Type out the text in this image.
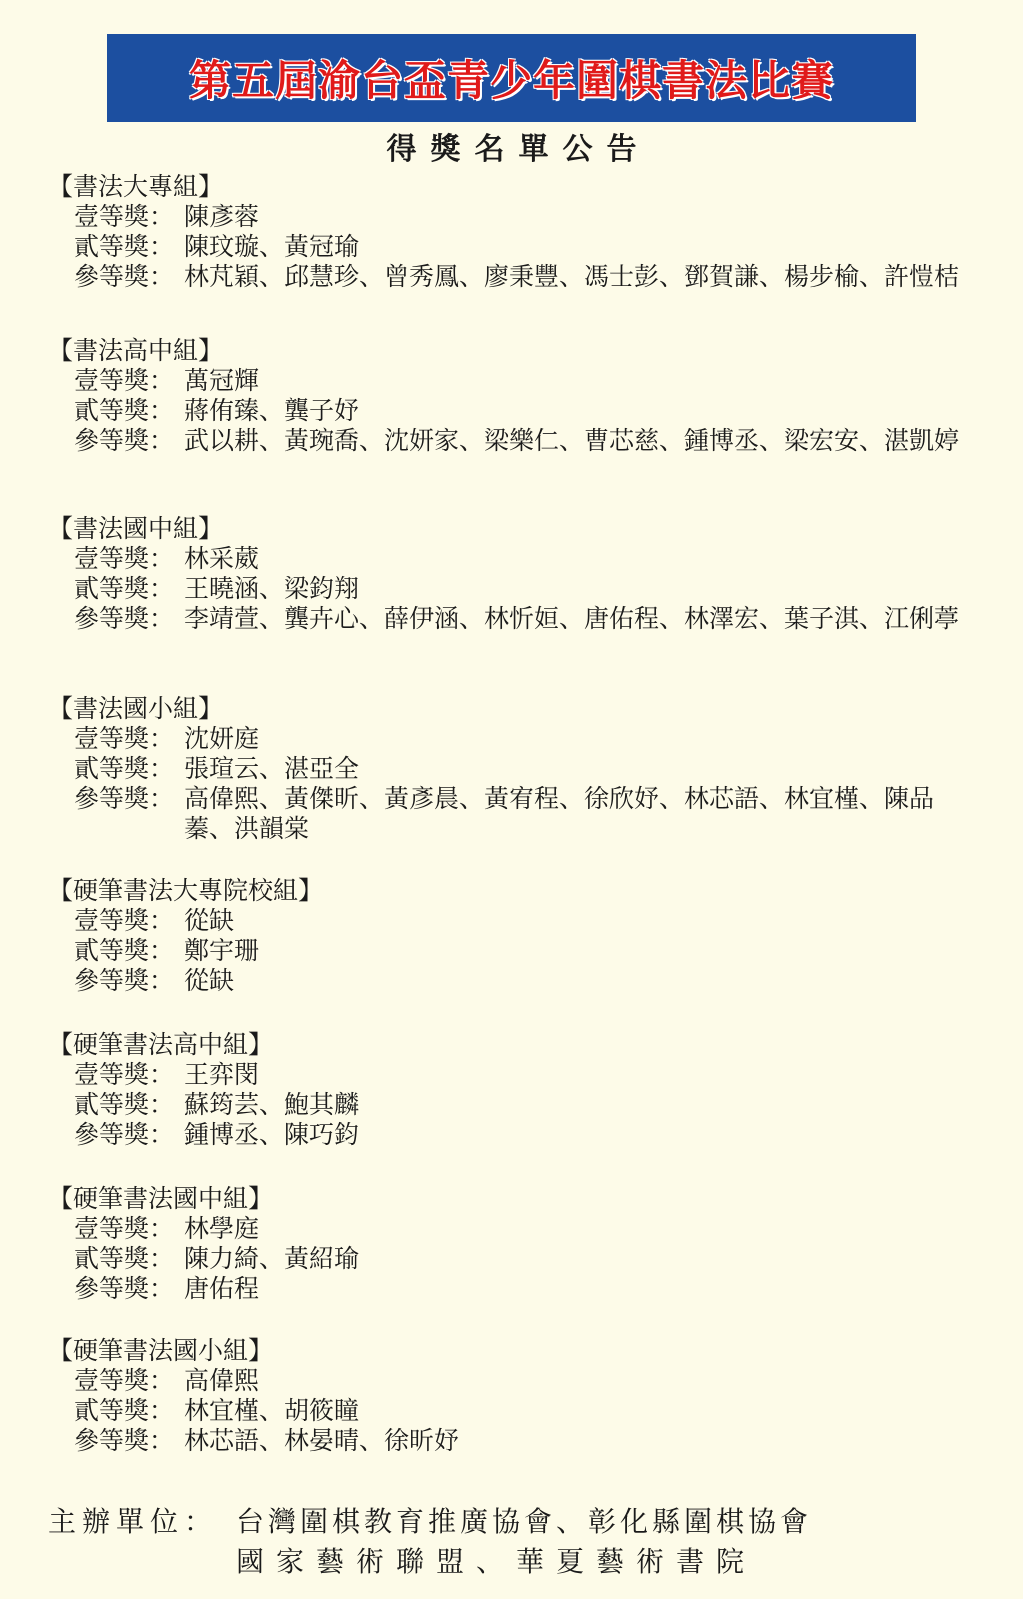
第五屆渝台盃青少年圍棋書法比賽
得獎名單公告
【書法大專組】
壹等獎： 陳彥蓉
貳等獎： 陳玟璇、黃冠瑜
參等獎： 林芃穎、邱慧珍、曾秀鳳、廖秉豐、馮士彭、鄧賀謙、楊步榆、許愷桔
【書法高中組】
壹等獎： 萬冠輝
貳等獎： 蔣侑臻、龔子妤
參等獎： 武以耕、黃琬喬、沈妍家、梁樂仁、曹芯慈、鍾博丞、梁宏安、湛凱婷
【書法國中組】
壹等獎： 林采葳
貳等獎： 王曉涵、梁鈞翔
參等獎： 李靖萱、龔卉心、薛伊涵、林忻姮、唐佑程、林澤宏、葉子淇、江俐葶
【書法國小組】
壹等獎： 沈妍庭
貳等獎： 張瑄云、湛亞全
參等獎： 高偉熙、黃傑昕、黃彥晨、黃宥程、徐欣妤、林芯語、林宜槿、陳品蓁、洪韻棠
【硬筆書法大專院校組】
壹等獎： 從缺
貳等獎： 鄭宇珊
參等獎： 從缺
【硬筆書法高中組】
壹等獎： 王弈閔
貳等獎： 蘇筠芸、鮑其麟
參等獎： 鍾博丞、陳巧鈞
【硬筆書法國中組】
壹等獎： 林學庭
貳等獎： 陳力綺、黃紹瑜
參等獎： 唐佑程
【硬筆書法國小組】
壹等獎： 高偉熙
貳等獎： 林宜槿、胡筱瞳
參等獎： 林芯語、林晏晴、徐昕妤
主辦單位： 台灣圍棋教育推廣協會、彰化縣圍棋協會
國家藝術聯盟、華夏藝術書院
